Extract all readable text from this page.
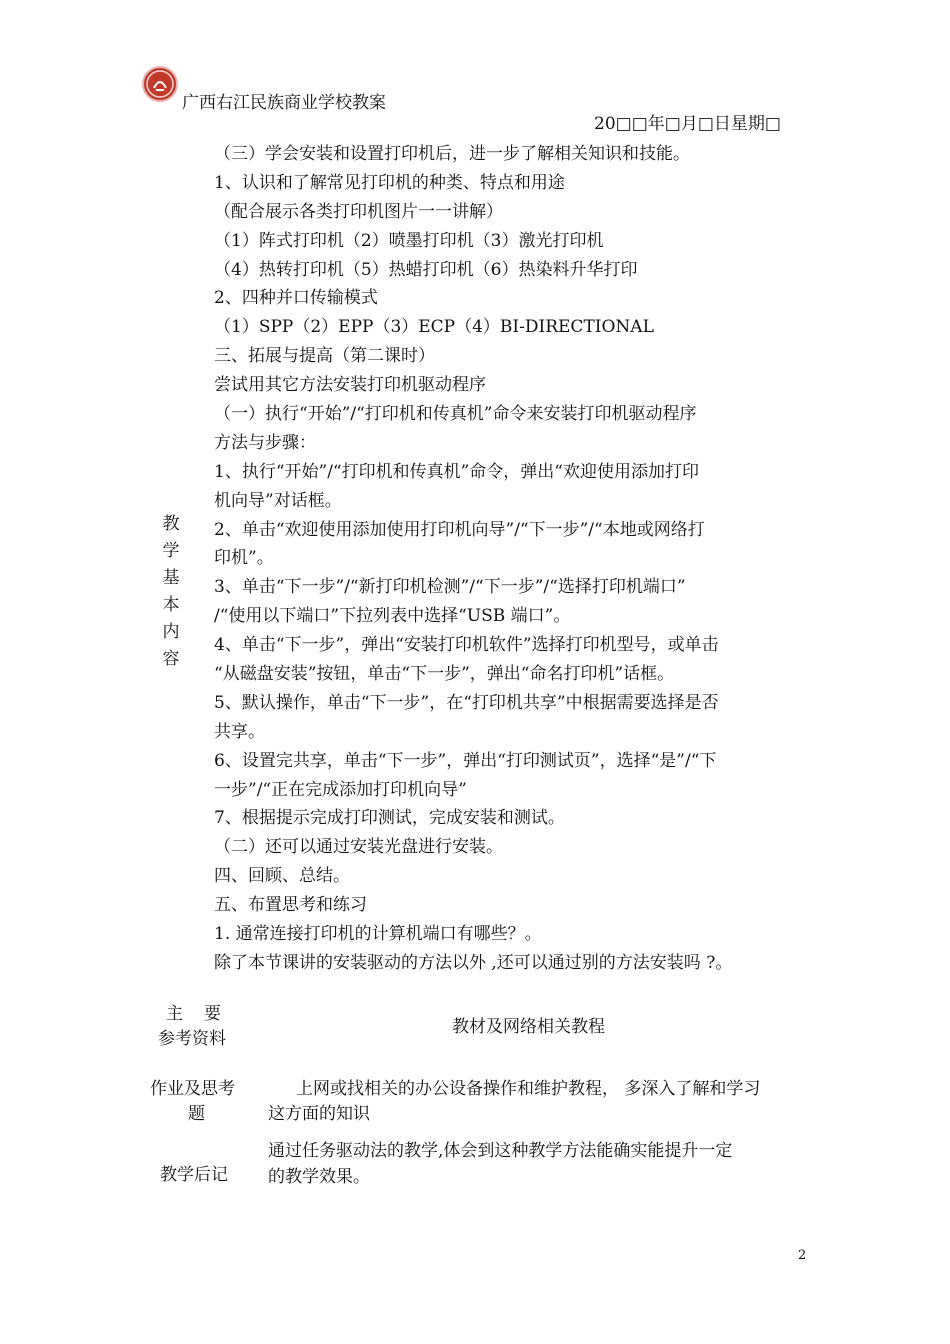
广西右江民族商业学校教案
20□□年□月□日星期□
教
学
基
本
内
容
（三）学会安装和设置打印机后，进一步了解相关知识和技能。
1、认识和了解常见打印机的种类、特点和用途
（配合展示各类打印机图片一一讲解）
（1）阵式打印机（2）喷墨打印机（3）激光打印机
（4）热转打印机（5）热蜡打印机（6）热染料升华打印
2、四种并口传输模式
（1）SPP（2）EPP（3）ECP（4）BI-DIRECTIONAL
三、拓展与提高（第二课时）
尝试用其它方法安装打印机驱动程序
（一）执行“开始”/“打印机和传真机”命令来安装打印机驱动程序
方法与步骤：
1、执行“开始”/“打印机和传真机”命令，弹出“欢迎使用添加打印
机向导”对话框。
2、单击“欢迎使用添加使用打印机向导”/“下一步”/“本地或网络打
印机”。
3、单击“下一步”/“新打印机检测”/“下一步”/“选择打印机端口”
/“使用以下端口”下拉列表中选择“USB 端口”。
4、单击“下一步”，弹出“安装打印机软件”选择打印机型号，或单击
“从磁盘安装”按钮，单击“下一步”，弹出“命名打印机”话框。
5、默认操作，单击“下一步”，在“打印机共享”中根据需要选择是否
共享。
6、设置完共享，单击“下一步”，弹出“打印测试页”，选择“是”/“下
一步”/“正在完成添加打印机向导”
7、根据提示完成打印测试，完成安装和测试。
（二）还可以通过安装光盘进行安装。
四、回顾、总结。
五、布置思考和练习
1. 通常连接打印机的计算机端口有哪些？。
除了本节课讲的安装驱动的方法以外 ,还可以通过别的方法安装吗 ?。
主　要
参考资料
教材及网络相关教程
作业及思考
题
上网或找相关的办公设备操作和维护教程， 多深入了解和学习
这方面的知识
教学后记
通过任务驱动法的教学,体会到这种教学方法能确实能提升一定
的教学效果。
2
